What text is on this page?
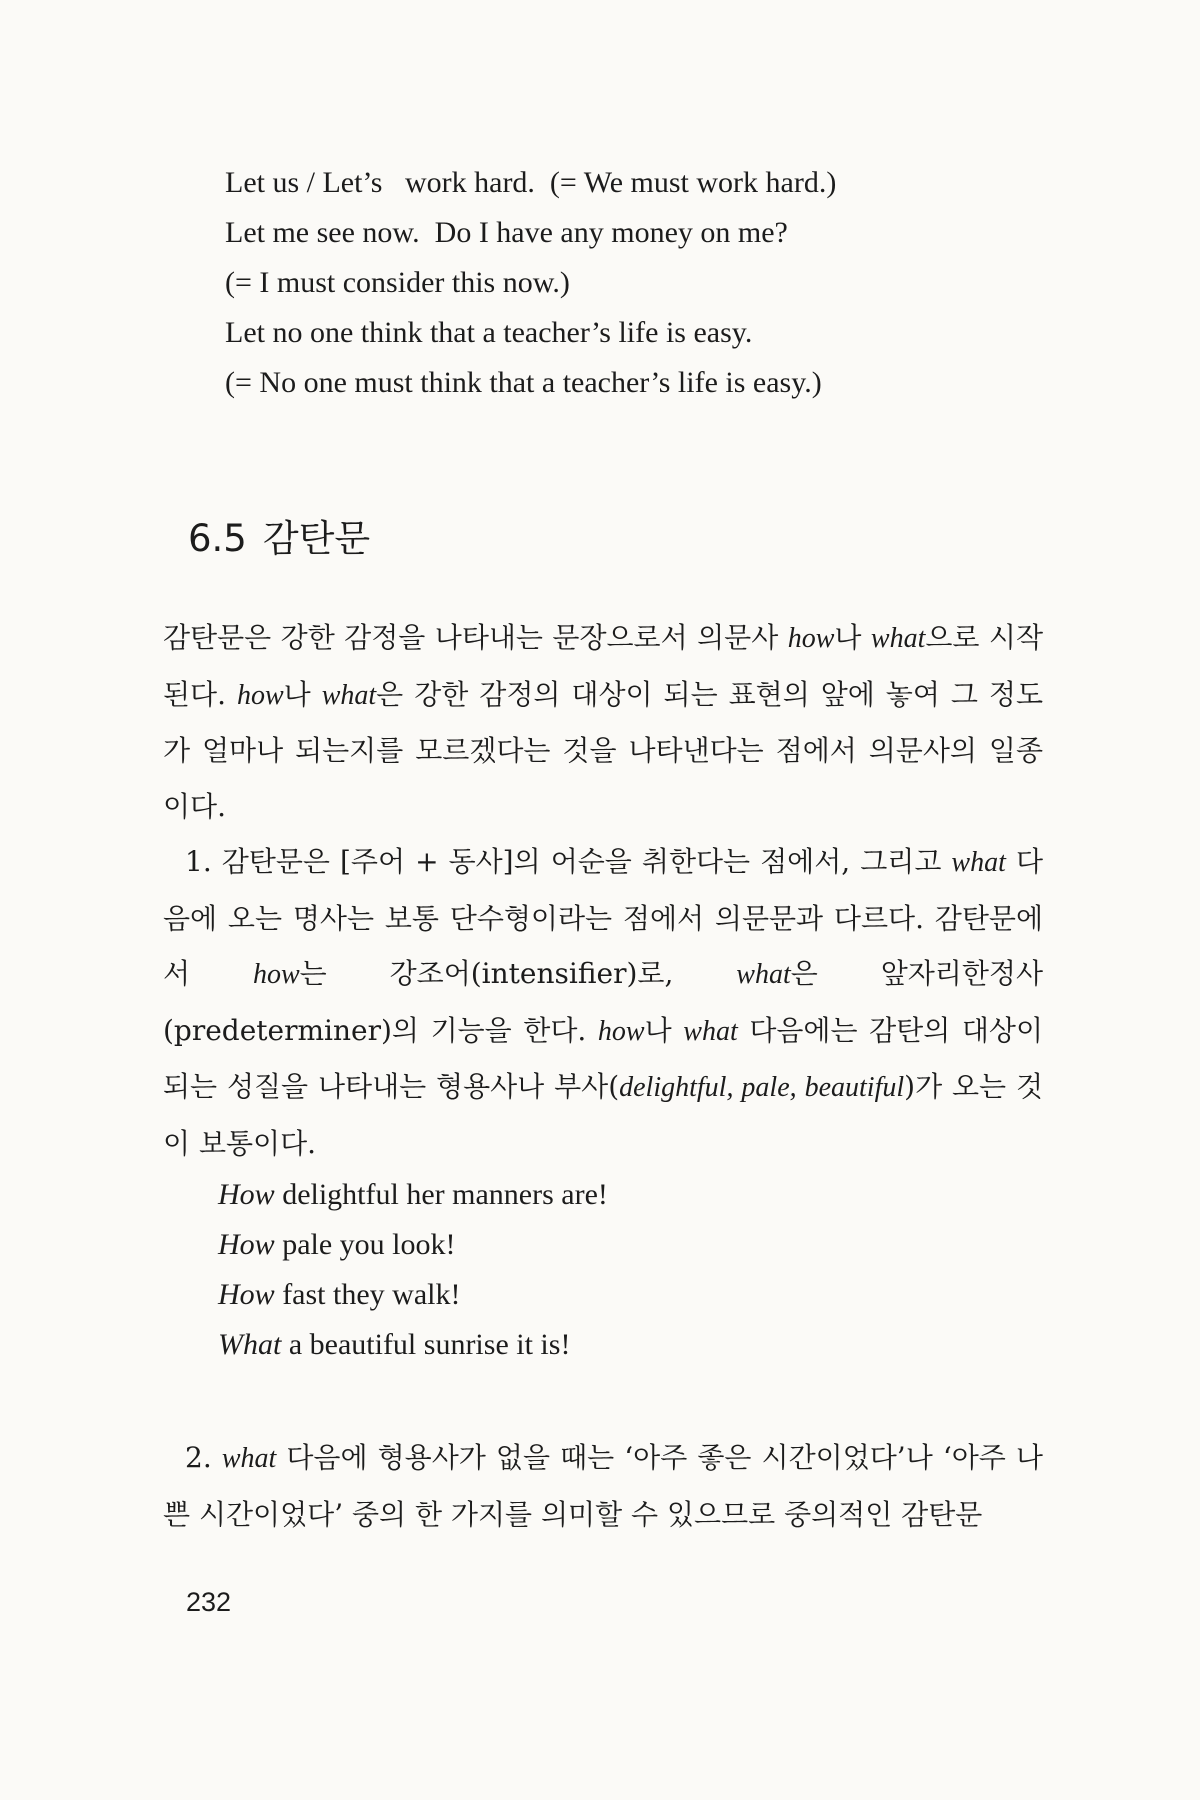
Let us / Let’s   work hard.  (= We must work hard.)
Let me see now.  Do I have any money on me?
(= I must consider this now.)
Let no one think that a teacher’s life is easy.
(= No one must think that a teacher’s life is easy.)
6.5 감탄문

감탄문은 강한 감정을 나타내는 문장으로서 의문사 how나 what으로 시작된다. how나 what은 강한 감정의 대상이 되는 표현의 앞에 놓여 그 정도가 얼마나 되는지를 모르겠다는 것을 나타낸다는 점에서 의문사의 일종이다.

1. 감탄문은 [주어 + 동사]의 어순을 취한다는 점에서, 그리고 what 다음에 오는 명사는 보통 단수형이라는 점에서 의문문과 다르다. 감탄문에서 how는 강조어(intensifier)로, what은 앞자리한정사(predeterminer)의 기능을 한다. how나 what 다음에는 감탄의 대상이 되는 성질을 나타내는 형용사나 부사(delightful, pale, beautiful)가 오는 것이 보통이다.

How delightful her manners are!
How pale you look!
How fast they walk!
What a beautiful sunrise it is!

2. what 다음에 형용사가 없을 때는 ‘아주 좋은 시간이었다’나 ‘아주 나쁜 시간이었다’ 중의 한 가지를 의미할 수 있으므로 중의적인 감탄문

232
